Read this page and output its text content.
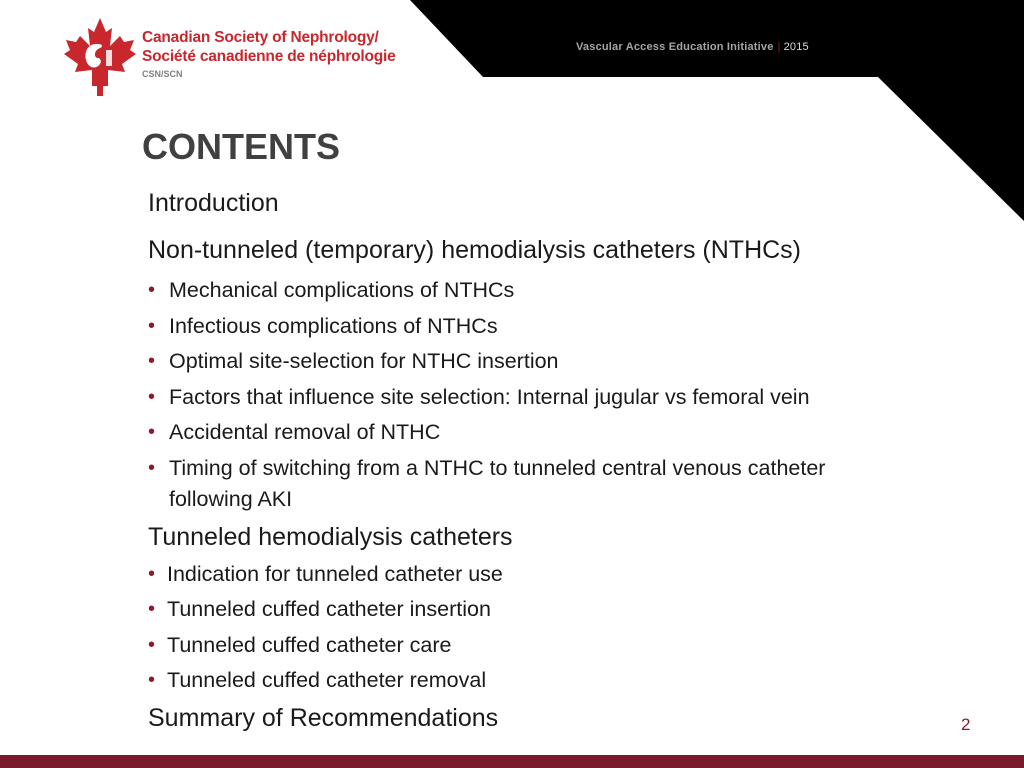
Vascular Access Education Initiative | 2015
Canadian Society of Nephrology/
Société canadienne de néphrologie
CSN/SCN
CONTENTS

Introduction

Non-tunneled (temporary) hemodialysis catheters (NTHCs)

• Mechanical complications of NTHCs
• Infectious complications of NTHCs
• Optimal site-selection for NTHC insertion
• Factors that influence site selection: Internal jugular vs femoral vein
• Accidental removal of NTHC
• Timing of switching from a NTHC to tunneled central venous catheter
following AKI

Tunneled hemodialysis catheters

• Indication for tunneled catheter use
• Tunneled cuffed catheter insertion
• Tunneled cuffed catheter care
• Tunneled cuffed catheter removal

Summary of Recommendations	2
